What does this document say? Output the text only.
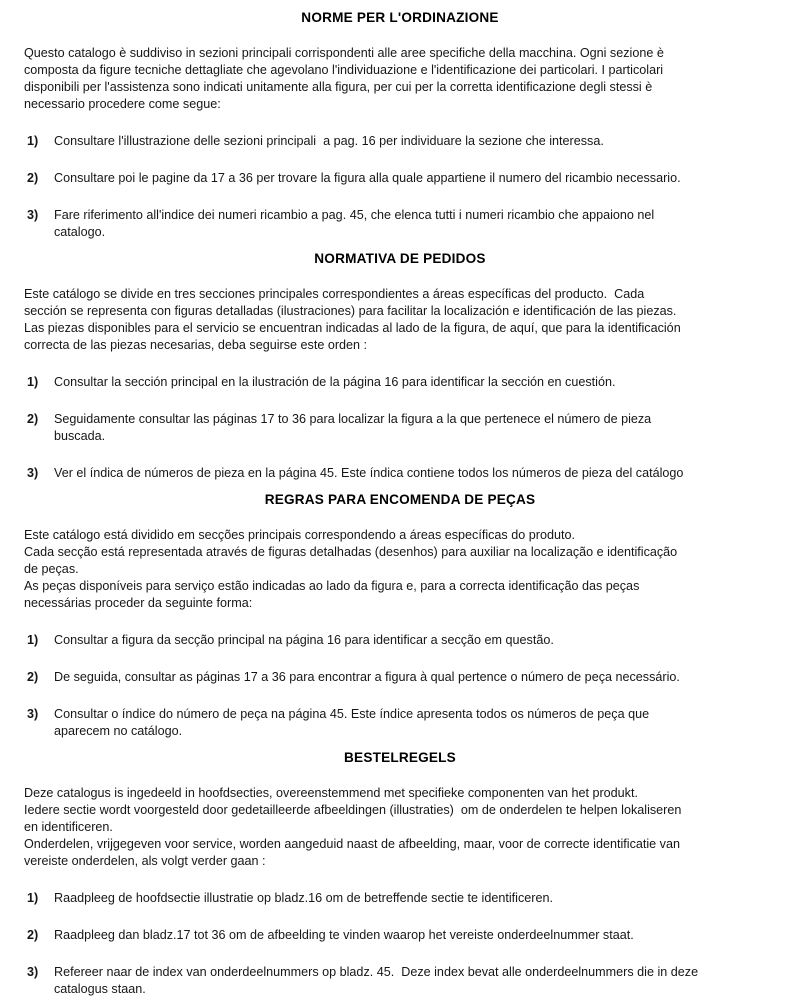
NORME PER L'ORDINAZIONE
Questo catalogo è suddiviso in sezioni principali corrispondenti alle aree specifiche della macchina. Ogni sezione è
composta da figure tecniche dettagliate che agevolano l'individuazione e l'identificazione dei particolari. I particolari
disponibili per l'assistenza sono indicati unitamente alla figura, per cui per la corretta identificazione degli stessi è
necessario procedere come segue:
1) Consultare l'illustrazione delle sezioni principali  a pag. 16 per individuare la sezione che interessa.
2) Consultare poi le pagine da 17 a 36 per trovare la figura alla quale appartiene il numero del ricambio necessario.
3) Fare riferimento all'indice dei numeri ricambio a pag. 45, che elenca tutti i numeri ricambio che appaiono nel
catalogo.
NORMATIVA DE PEDIDOS
Este catálogo se divide en tres secciones principales correspondientes a áreas específicas del producto.  Cada
sección se representa con figuras detalladas (ilustraciones) para facilitar la localización e identificación de las piezas.
Las piezas disponibles para el servicio se encuentran indicadas al lado de la figura, de aquí, que para la identificación
correcta de las piezas necesarias, deba seguirse este orden :
1) Consultar la sección principal en la ilustración de la página 16 para identificar la sección en cuestión.
2) Seguidamente consultar las páginas 17 to 36 para localizar la figura a la que pertenece el número de pieza
buscada.
3) Ver el índica de números de pieza en la página 45. Este índica contiene todos los números de pieza del catálogo
REGRAS PARA ENCOMENDA DE PEÇAS
Este catálogo está dividido em secções principais correspondendo a áreas específicas do produto.
Cada secção está representada através de figuras detalhadas (desenhos) para auxiliar na localização e identificação
de peças.
As peças disponíveis para serviço estão indicadas ao lado da figura e, para a correcta identificação das peças
necessárias proceder da seguinte forma:
1) Consultar a figura da secção principal na página 16 para identificar a secção em questão.
2) De seguida, consultar as páginas 17 a 36 para encontrar a figura à qual pertence o número de peça necessário.
3) Consultar o índice do número de peça na página 45. Este índice apresenta todos os números de peça que
aparecem no catálogo.
BESTELREGELS
Deze catalogus is ingedeeld in hoofdsecties, overeenstemmend met specifieke componenten van het produkt.
Iedere sectie wordt voorgesteld door gedetailleerde afbeeldingen (illustraties)  om de onderdelen te helpen lokaliseren
en identificeren.
Onderdelen, vrijgegeven voor service, worden aangeduid naast de afbeelding, maar, voor de correcte identificatie van
vereiste onderdelen, als volgt verder gaan :
1) Raadpleeg de hoofdsectie illustratie op bladz.16 om de betreffende sectie te identificeren.
2) Raadpleeg dan bladz.17 tot 36 om de afbeelding te vinden waarop het vereiste onderdeelnummer staat.
3) Refereer naar de index van onderdeelnummers op bladz. 45.  Deze index bevat alle onderdeelnummers die in deze
catalogus staan.
